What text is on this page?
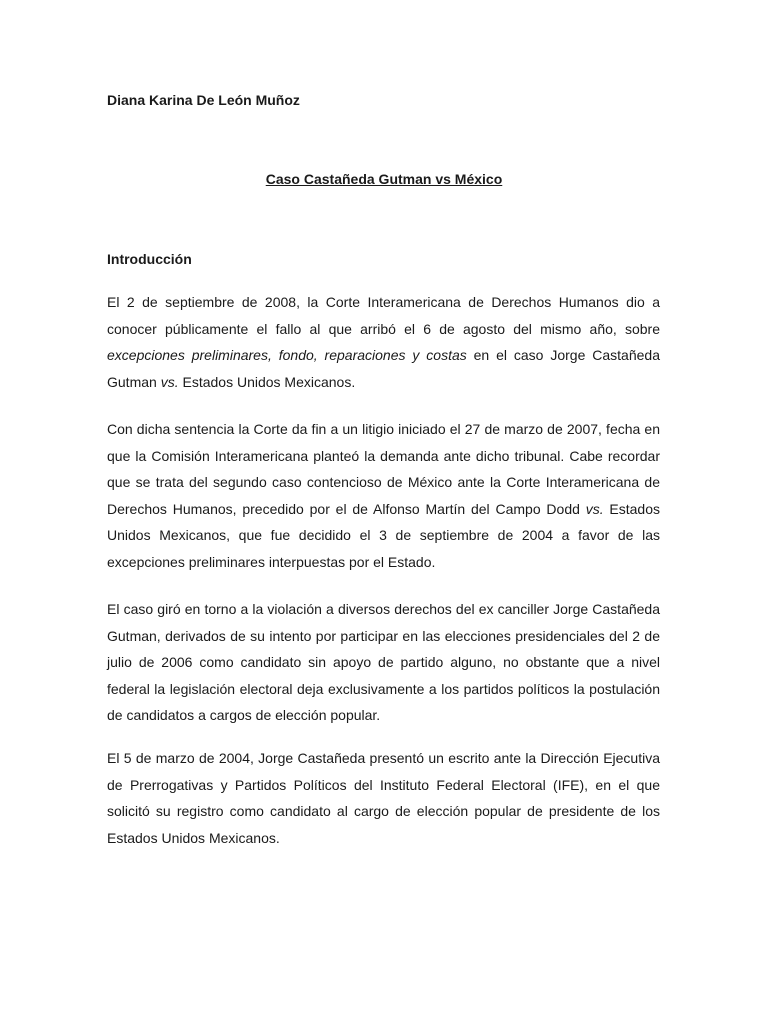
Diana Karina De León Muñoz

Caso Castañeda Gutman vs México

Introducción

El 2 de septiembre de 2008, la Corte Interamericana de Derechos Humanos dio a conocer públicamente el fallo al que arribó el 6 de agosto del mismo año, sobre excepciones preliminares, fondo, reparaciones y costas en el caso Jorge Castañeda Gutman vs. Estados Unidos Mexicanos.

Con dicha sentencia la Corte da fin a un litigio iniciado el 27 de marzo de 2007, fecha en que la Comisión Interamericana planteó la demanda ante dicho tribunal. Cabe recordar que se trata del segundo caso contencioso de México ante la Corte Interamericana de Derechos Humanos, precedido por el de Alfonso Martín del Campo Dodd vs. Estados Unidos Mexicanos, que fue decidido el 3 de septiembre de 2004 a favor de las excepciones preliminares interpuestas por el Estado.

El caso giró en torno a la violación a diversos derechos del ex canciller Jorge Castañeda Gutman, derivados de su intento por participar en las elecciones presidenciales del 2 de julio de 2006 como candidato sin apoyo de partido alguno, no obstante que a nivel federal la legislación electoral deja exclusivamente a los partidos políticos la postulación de candidatos a cargos de elección popular.

El 5 de marzo de 2004, Jorge Castañeda presentó un escrito ante la Dirección Ejecutiva de Prerrogativas y Partidos Políticos del Instituto Federal Electoral (IFE), en el que solicitó su registro como candidato al cargo de elección popular de presidente de los Estados Unidos Mexicanos.
